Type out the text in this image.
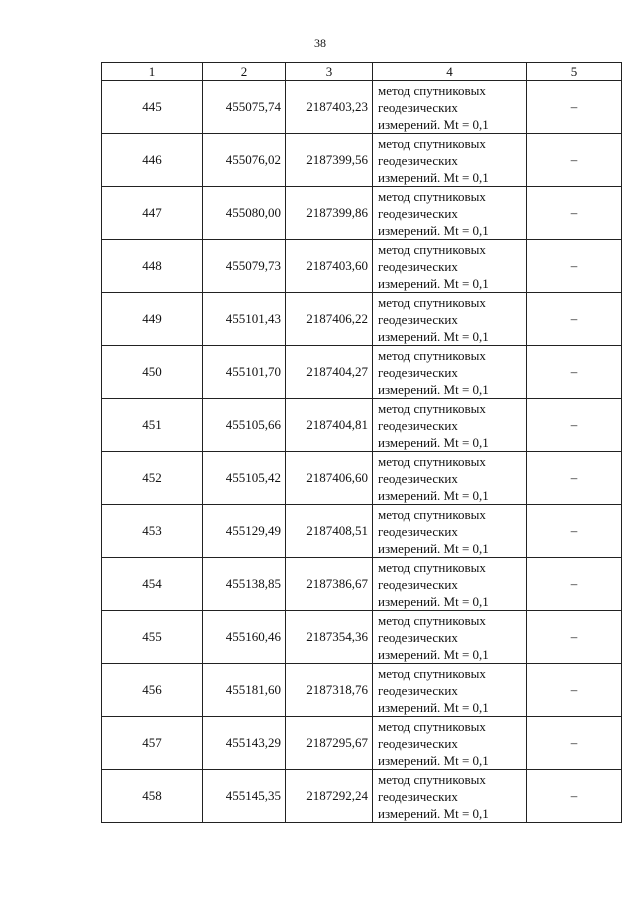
38
1	2	3	4	5
445	455075,74	2187403,23	метод спутниковых
геодезических
измерений. Mt = 0,1	–
446	455076,02	2187399,56	метод спутниковых
геодезических
измерений. Mt = 0,1	–
447	455080,00	2187399,86	метод спутниковых
геодезических
измерений. Mt = 0,1	–
448	455079,73	2187403,60	метод спутниковых
геодезических
измерений. Mt = 0,1	–
449	455101,43	2187406,22	метод спутниковых
геодезических
измерений. Mt = 0,1	–
450	455101,70	2187404,27	метод спутниковых
геодезических
измерений. Mt = 0,1	–
451	455105,66	2187404,81	метод спутниковых
геодезических
измерений. Mt = 0,1	–
452	455105,42	2187406,60	метод спутниковых
геодезических
измерений. Mt = 0,1	–
453	455129,49	2187408,51	метод спутниковых
геодезических
измерений. Mt = 0,1	–
454	455138,85	2187386,67	метод спутниковых
геодезических
измерений. Mt = 0,1	–
455	455160,46	2187354,36	метод спутниковых
геодезических
измерений. Mt = 0,1	–
456	455181,60	2187318,76	метод спутниковых
геодезических
измерений. Mt = 0,1	–
457	455143,29	2187295,67	метод спутниковых
геодезических
измерений. Mt = 0,1	–
458	455145,35	2187292,24	метод спутниковых
геодезических
измерений. Mt = 0,1	–
